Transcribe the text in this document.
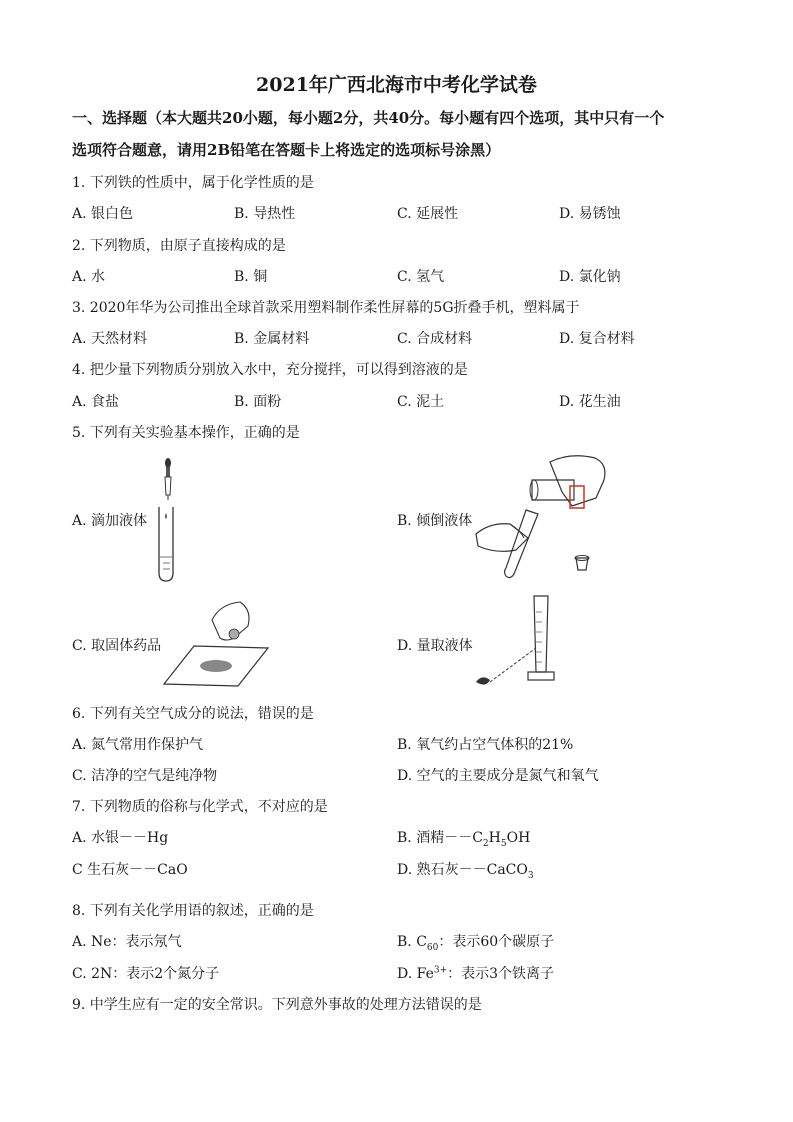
2021年广西北海市中考化学试卷
一、选择题（本大题共20小题，每小题2分，共40分。每小题有四个选项，其中只有一个
选项符合题意，请用2B铅笔在答题卡上将选定的选项标号涂黑）
1. 下列铁的性质中，属于化学性质的是
A. 银白色	B. 导热性	C. 延展性	D. 易锈蚀
2. 下列物质，由原子直接构成的是
A. 水	B. 铜	C. 氢气	D. 氯化钠
3. 2020年华为公司推出全球首款采用塑料制作柔性屏幕的5G折叠手机，塑料属于
A. 天然材料	B. 金属材料	C. 合成材料	D. 复合材料
4. 把少量下列物质分别放入水中，充分搅拌，可以得到溶液的是
A. 食盐	B. 面粉	C. 泥土	D. 花生油
5. 下列有关实验基本操作，正确的是
A. 滴加液体	B. 倾倒液体
C. 取固体药品	D. 量取液体
6. 下列有关空气成分的说法，错误的是
A. 氮气常用作保护气	B. 氧气约占空气体积的21%
C. 洁净的空气是纯净物	D. 空气的主要成分是氮气和氧气
7. 下列物质的俗称与化学式，不对应的是
A. 水银－－Hg	B. 酒精$--C_2H_5OH$
C 生石灰－－CaO	D. 熟石灰－－CaCO$_3$
8. 下列有关化学用语的叙述，正确的是
A. Ne：表示氖气	B. $C_{60}$：表示60个碳原子
C. 2N：表示2个氮分子	D. $Fe^{3+}$：表示3个铁离子
9. 中学生应有一定的安全常识。下列意外事故的处理方法错误的是
